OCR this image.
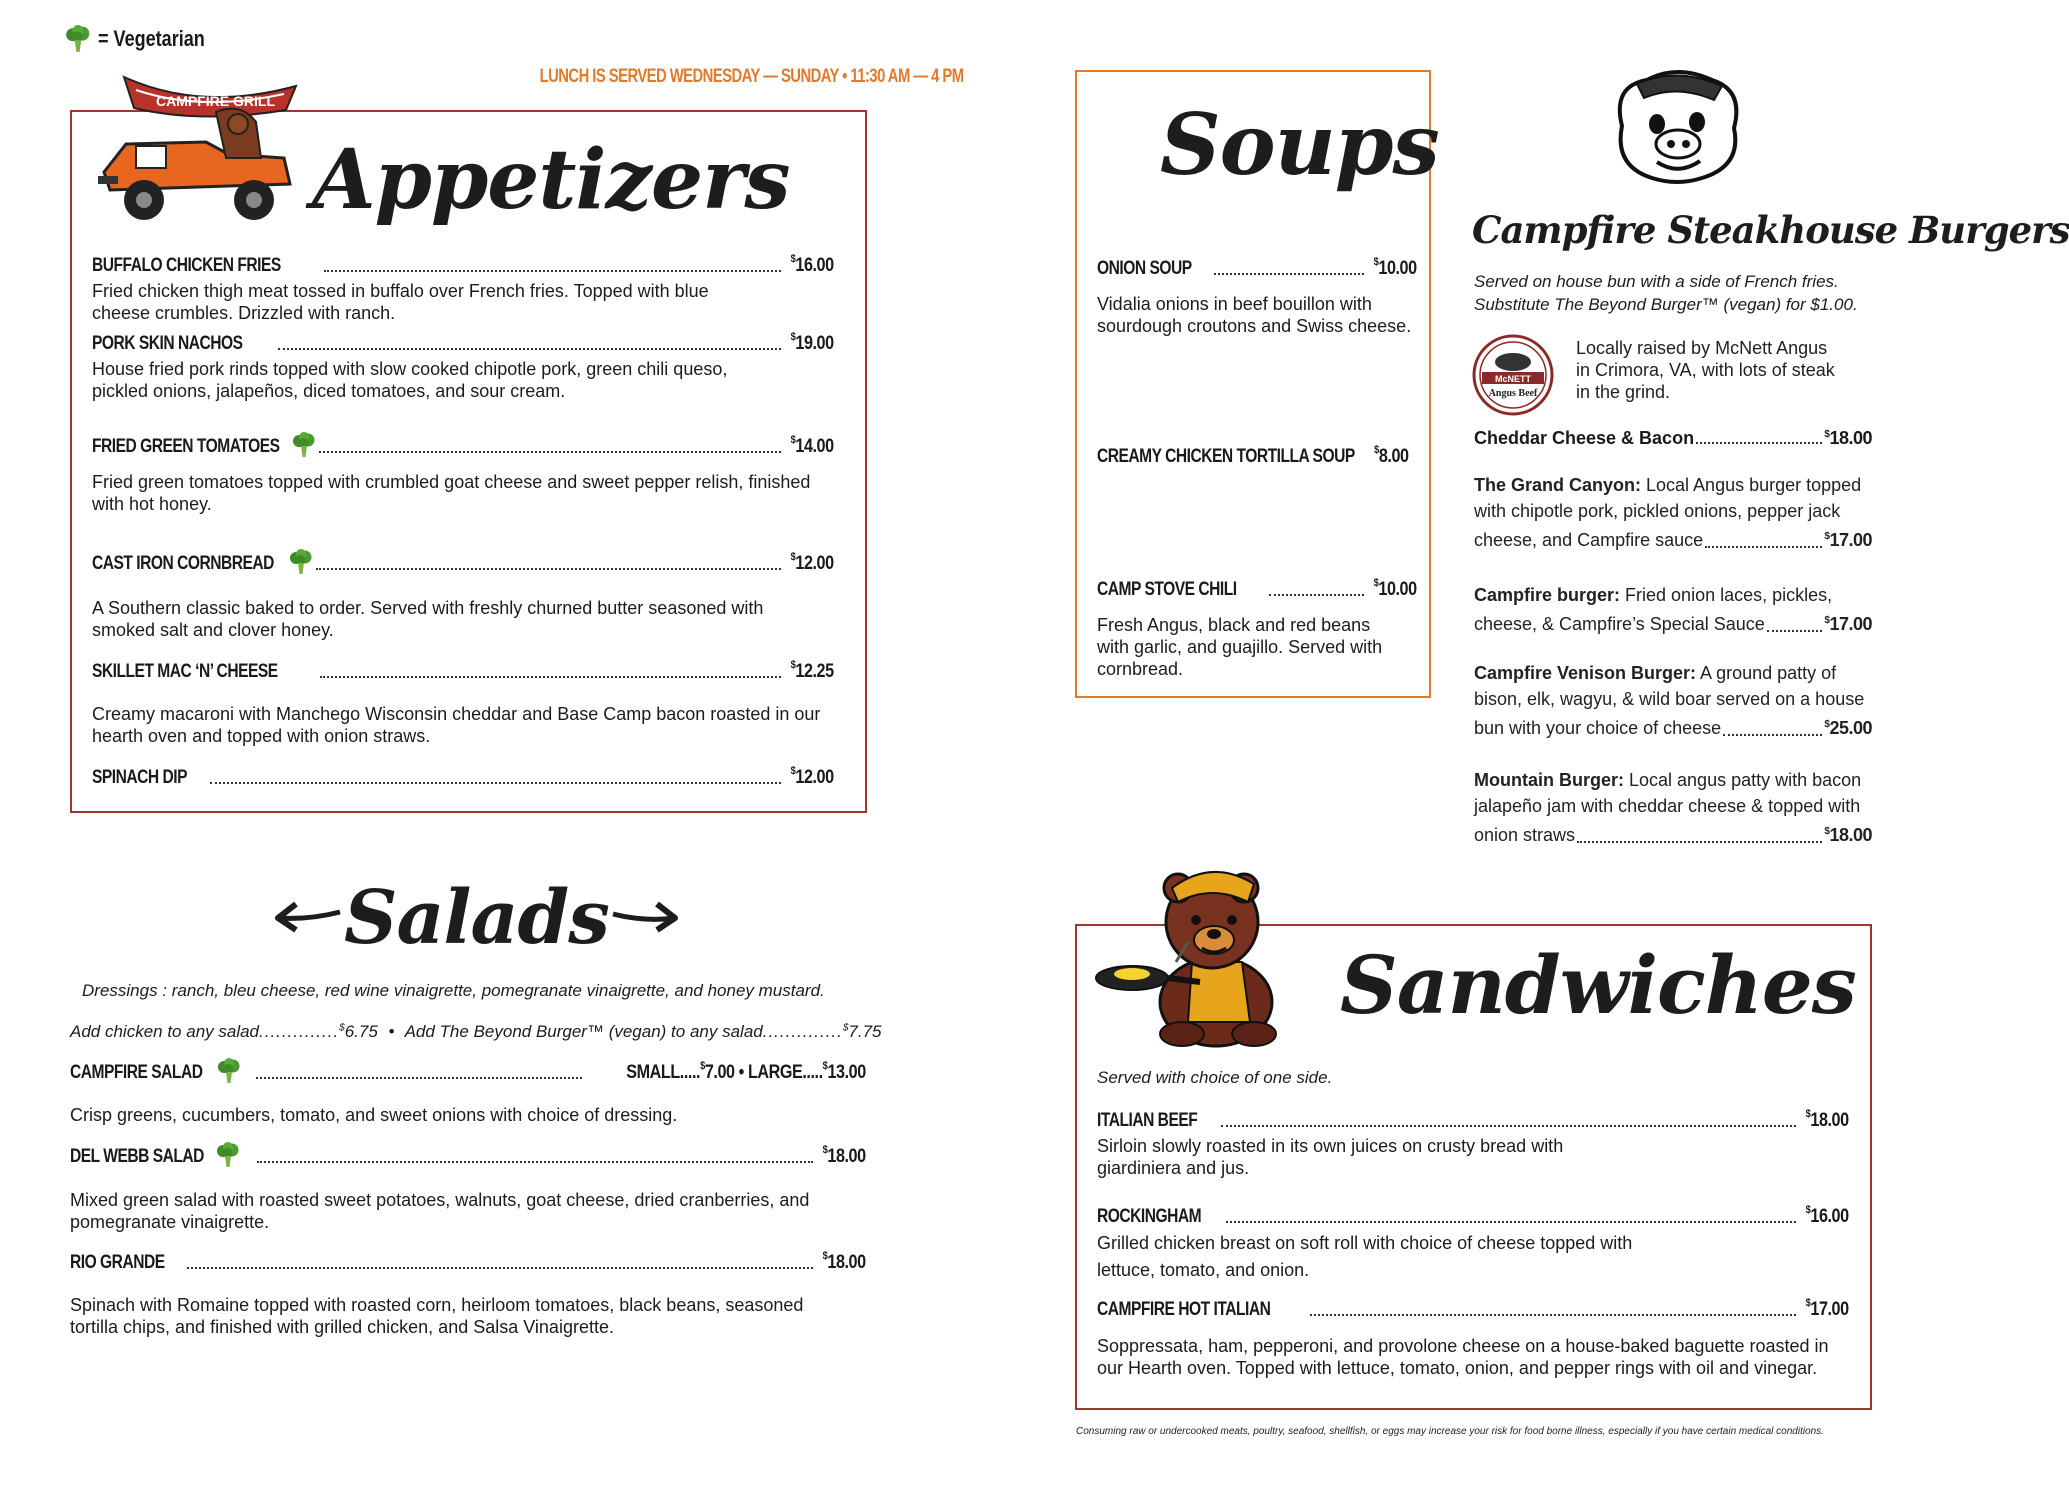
= Vegetarian
LUNCH IS SERVED WEDNESDAY — SUNDAY • 11:30 AM — 4 PM
CAMPFIRE GRILL
Appetizers
BUFFALO CHICKEN FRIES	$16.00
Fried chicken thigh meat tossed in buffalo over French fries. Topped with blue
cheese crumbles. Drizzled with ranch.
PORK SKIN NACHOS	$19.00
House fried pork rinds topped with slow cooked chipotle pork, green chili queso,
pickled onions, jalapeños, diced tomatoes, and sour cream.
FRIED GREEN TOMATOES	$14.00
Fried green tomatoes topped with crumbled goat cheese and sweet pepper relish, finished
with hot honey.
CAST IRON CORNBREAD	$12.00
A Southern classic baked to order. Served with freshly churned butter seasoned with
smoked salt and clover honey.
SKILLET MAC ‘N’ CHEESE	$12.25
Creamy macaroni with Manchego Wisconsin cheddar and Base Camp bacon roasted in our
hearth oven and topped with onion straws.
SPINACH DIP	$12.00
Salads
Dressings : ranch, bleu cheese, red wine vinaigrette, pomegranate vinaigrette, and honey mustard.
Add chicken to any salad..............$6.75 • Add The Beyond Burger™ (vegan) to any salad..............$7.75
CAMPFIRE SALAD	SMALL.....$7.00 • LARGE.....$13.00
Crisp greens, cucumbers, tomato, and sweet onions with choice of dressing.
DEL WEBB SALAD	$18.00
Mixed green salad with roasted sweet potatoes, walnuts, goat cheese, dried cranberries, and
pomegranate vinaigrette.
RIO GRANDE	$18.00
Spinach with Romaine topped with roasted corn, heirloom tomatoes, black beans, seasoned
tortilla chips, and finished with grilled chicken, and Salsa Vinaigrette.
Soups
ONION SOUP	$10.00
Vidalia onions in beef bouillon with
sourdough croutons and Swiss cheese.
CREAMY CHICKEN TORTILLA SOUP $8.00
CAMP STOVE CHILI	$10.00
Fresh Angus, black and red beans
with garlic, and guajillo. Served with
cornbread.
Campfire Steakhouse Burgers
Served on house bun with a side of French fries.
Substitute The Beyond Burger™ (vegan) for $1.00.
McNETT
Angus Beef
Locally raised by McNett Angus
in Crimora, VA, with lots of steak
in the grind.
Cheddar Cheese & Bacon	$18.00
The Grand Canyon: Local Angus burger topped
with chipotle pork, pickled onions, pepper jack
cheese, and Campfire sauce	$17.00
Campfire burger: Fried onion laces, pickles,
cheese, & Campfire’s Special Sauce	$17.00
Campfire Venison Burger: A ground patty of
bison, elk, wagyu, & wild boar served on a house
bun with your choice of cheese	$25.00
Mountain Burger: Local angus patty with bacon
jalapeño jam with cheddar cheese & topped with
onion straws	$18.00
Sandwiches
Served with choice of one side.
ITALIAN BEEF	$18.00
Sirloin slowly roasted in its own juices on crusty bread with
giardiniera and jus.
ROCKINGHAM	$16.00
Grilled chicken breast on soft roll with choice of cheese topped with
lettuce, tomato, and onion.
CAMPFIRE HOT ITALIAN	$17.00
Soppressata, ham, pepperoni, and provolone cheese on a house-baked baguette roasted in
our Hearth oven. Topped with lettuce, tomato, onion, and pepper rings with oil and vinegar.
Consuming raw or undercooked meats, poultry, seafood, shellfish, or eggs may increase your risk for food borne illness, especially if you have certain medical conditions.
